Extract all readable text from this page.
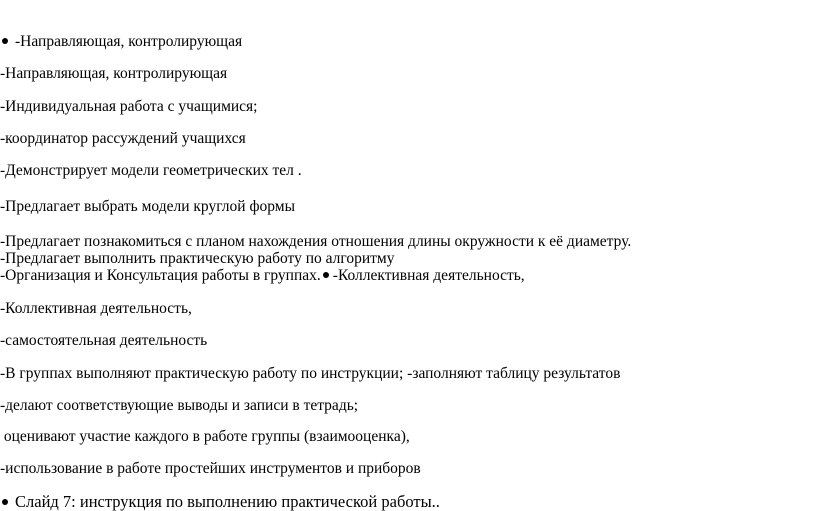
-Направляющая, контролирующая
-Направляющая, контролирующая
-Индивидуальная работа с учащимися;
-координатор рассуждений учащихся
-Демонстрирует модели геометрических тел .
-Предлагает выбрать модели круглой формы
-Предлагает познакомиться с планом нахождения отношения длины окружности к её диаметру.
-Предлагает выполнить практическую работу по алгоритму
-Организация и Консультация работы в группах. -Коллективная деятельность,
-Коллективная деятельность,
-самостоятельная деятельность
-В группах выполняют практическую работу по инструкции; -заполняют таблицу результатов
-делают соответствующие выводы и записи в тетрадь;
оценивают участие каждого в работе группы (взаимооценка),
-использование в работе простейших инструментов и приборов
Слайд 7: инструкция по выполнению практической работы..
